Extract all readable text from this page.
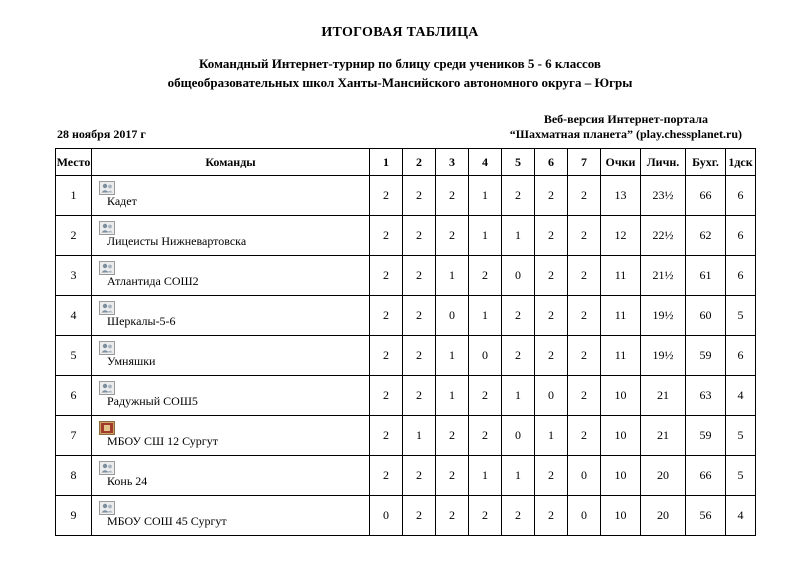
ИТОГОВАЯ ТАБЛИЦА
Командный Интернет-турнир по блицу среди учеников 5 - 6 классов
общеобразовательных школ Ханты-Мансийского автономного округа – Югры
28 ноября 2017 г
Веб-версия Интернет-портала
“Шахматная планета” (play.chessplanet.ru)
Место	Команды	1	2	3	4	5	6	7	Очки	Личн.	Бухг.	1дск
1	Кадет	2	2	2	1	2	2	2	13	23½	66	6
2	Лицеисты Нижневартовска	2	2	2	1	1	2	2	12	22½	62	6
3	Атлантида СОШ2	2	2	1	2	0	2	2	11	21½	61	6
4	Шеркалы-5-6	2	2	0	1	2	2	2	11	19½	60	5
5	Умняшки	2	2	1	0	2	2	2	11	19½	59	6
6	Радужный СОШ5	2	2	1	2	1	0	2	10	21	63	4
7	МБОУ СШ 12 Сургут	2	1	2	2	0	1	2	10	21	59	5
8	Конь 24	2	2	2	1	1	2	0	10	20	66	5
9	МБОУ СОШ 45 Сургут	0	2	2	2	2	2	0	10	20	56	4
